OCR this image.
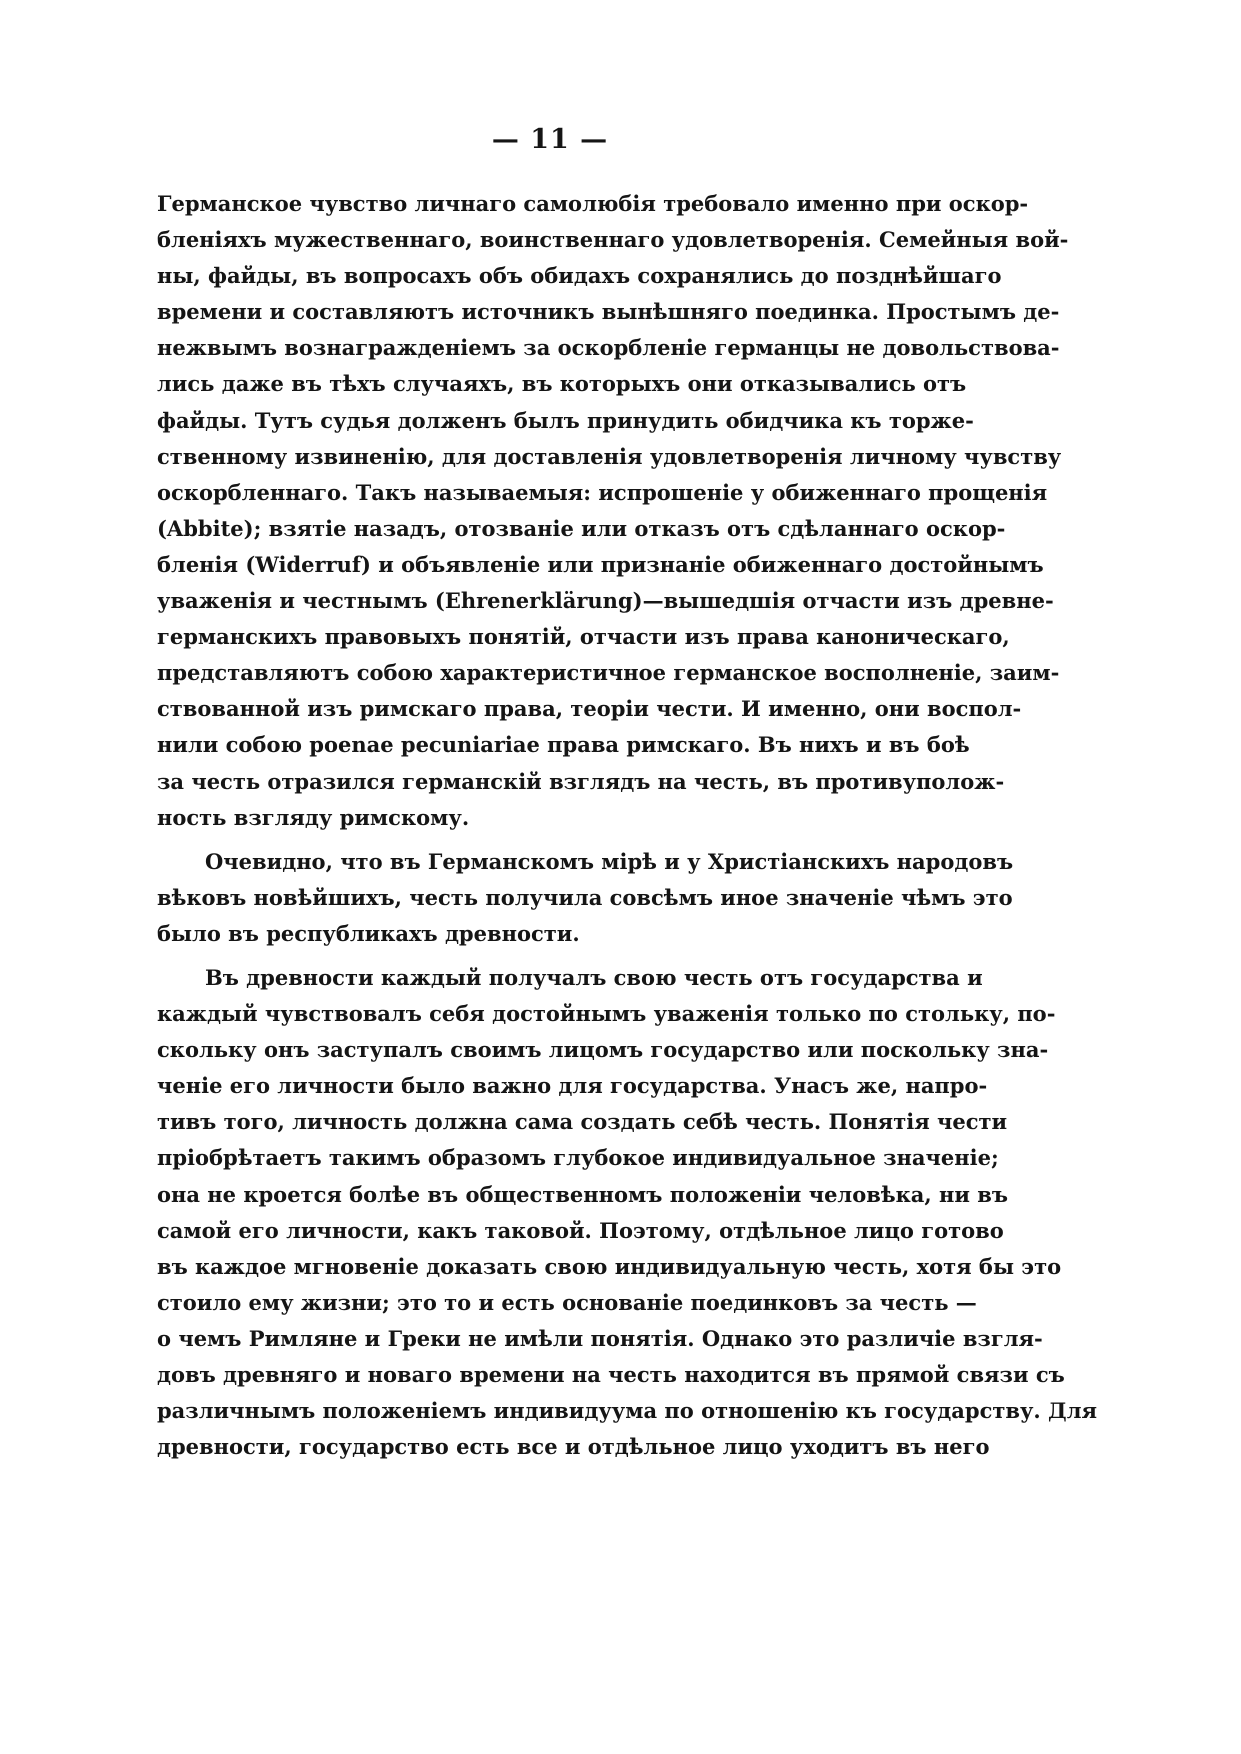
— 11 —
Германское чувство личнаго самолюбія требовало именно при оскор-
бленіяхъ мужественнаго, воинственнаго удовлетворенія. Семейныя вой-
ны, файды, въ вопросахъ объ обидахъ сохранялись до позднѣйшаго
времени и составляютъ источникъ вынѣшняго поединка. Простымъ де-
нежвымъ вознагражденіемъ за оскорбленіе германцы не довольствова-
лись даже въ тѣхъ случаяхъ, въ которыхъ они отказывались отъ
файды. Тутъ судья долженъ былъ принудить обидчика къ торже-
ственному извиненію, для доставленія удовлетворенія личному чувству
оскорбленнаго. Такъ называемыя: испрошеніе у обиженнаго прощенія
(Abbite); взятіе назадъ, отозваніе или отказъ отъ сдѣланнаго оскор-
бленія (Widerruf) и объявленіе или признаніе обиженнаго достойнымъ
уваженія и честнымъ (Ehrenerklärung)—вышедшія отчасти изъ древне-
германскихъ правовыхъ понятій, отчасти изъ права каноническаго,
представляютъ собою характеристичное германское восполненіе, заим-
ствованной изъ римскаго права, теоріи чести. И именно, они воспол-
нили собою poenae pecuniariae права римскаго. Въ нихъ и въ боѣ
за честь отразился германскій взглядъ на честь, въ противуполож-
ность взгляду римскому.
Очевидно, что въ Германскомъ мірѣ и у Христіанскихъ народовъ
вѣковъ новѣйшихъ, честь получила совсѣмъ иное значеніе чѣмъ это
было въ республикахъ древности.
Въ древности каждый получалъ свою честь отъ государства и
каждый чувствовалъ себя достойнымъ уваженія только по стольку, по-
скольку онъ заступалъ своимъ лицомъ государство или поскольку зна-
ченіе его личности было важно для государства. Унасъ же, напро-
тивъ того, личность должна сама создать себѣ честь. Понятія чести
пріобрѣтаетъ такимъ образомъ глубокое индивидуальное значеніе;
она не кроется болѣе въ общественномъ положеніи человѣка, ни въ
самой его личности, какъ таковой. Поэтому, отдѣльное лицо готово
въ каждое мгновеніе доказать свою индивидуальную честь, хотя бы это
стоило ему жизни; это то и есть основаніе поединковъ за честь —
о чемъ Римляне и Греки не имѣли понятія. Однако это различіе взгля-
довъ древняго и новаго времени на честь находится въ прямой связи съ
различнымъ положеніемъ индивидуума по отношенію къ государству. Для
древности, государство есть все и отдѣльное лицо уходитъ въ него
